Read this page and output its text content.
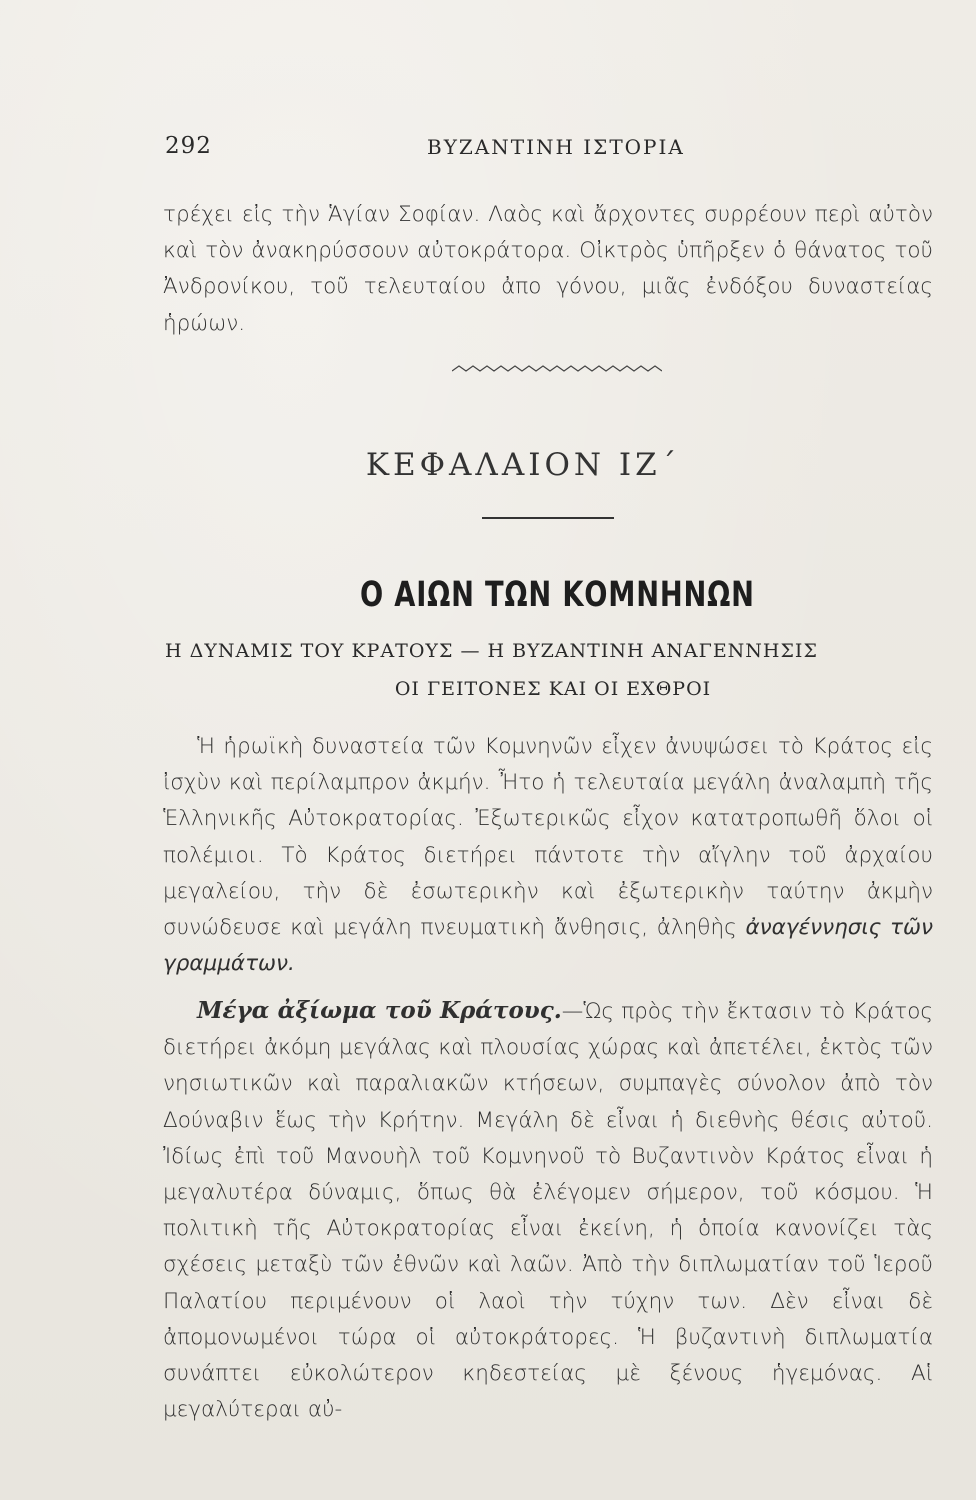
292	ΒΥΖΑΝΤΙΝΗ ΙΣΤΟΡΙΑ

τρέχει εἰς τὴν Ἁγίαν Σοφίαν. Λαὸς καὶ ἄρχοντες συρρέουν περὶ αὐτὸν καὶ τὸν ἀνακηρύσσουν αὐτοκράτορα. Οἰκτρὸς ὑπῆρξεν ὁ θάνατος τοῦ Ἀνδρονίκου, τοῦ τελευταίου ἀπο γόνου, μιᾶς ἐνδόξου δυναστείας ἡρώων.

ΚΕΦΑΛΑΙΟΝ ΙΖ΄
Ο ΑΙΩΝ ΤΩΝ ΚΟΜΝΗΝΩΝ
Η ΔΥΝΑΜΙΣ ΤΟΥ ΚΡΑΤΟΥΣ — Η ΒΥΖΑΝΤΙΝΗ ΑΝΑΓΕΝΝΗΣΙΣ
ΟΙ ΓΕΙΤΟΝΕΣ ΚΑΙ ΟΙ ΕΧΘΡΟΙ

Ἡ ἡρωϊκὴ δυναστεία τῶν Κομνηνῶν εἶχεν ἀνυψώσει τὸ Κράτος εἰς ἰσχὺν καὶ περίλαμπρον ἀκμήν. Ἦτο ἡ τελευταία μεγάλη ἀναλαμπὴ τῆς Ἑλληνικῆς Αὐτοκρατορίας. Ἐξωτερικῶς εἶχον κατατροπωθῆ ὅλοι οἱ πολέμιοι. Τὸ Κράτος διετήρει πάντοτε τὴν αἴγλην τοῦ ἀρχαίου μεγαλείου, τὴν δὲ ἐσωτερικὴν καὶ ἐξωτερικὴν ταύτην ἀκμὴν συνώδευσε καὶ μεγάλη πνευματικὴ ἄνθησις, ἀληθὴς ἀναγέννησις τῶν γραμμάτων.

Μέγα ἀξίωμα τοῦ Κράτους.—Ὡς πρὸς τὴν ἔκτασιν τὸ Κράτος διετήρει ἀκόμη μεγάλας καὶ πλουσίας χώρας καὶ ἀπετέλει, ἐκτὸς τῶν νησιωτικῶν καὶ παραλιακῶν κτήσεων, συμπαγὲς σύνολον ἀπὸ τὸν Δούναβιν ἕως τὴν Κρήτην. Μεγάλη δὲ εἶναι ἡ διεθνὴς θέσις αὐτοῦ. Ἰδίως ἐπὶ τοῦ Μανουὴλ τοῦ Κομνηνοῦ τὸ Βυζαντινὸν Κράτος εἶναι ἡ μεγαλυτέρα δύναμις, ὅπως θὰ ἐλέγομεν σήμερον, τοῦ κόσμου. Ἡ πολιτικὴ τῆς Αὐτοκρατορίας εἶναι ἐκείνη, ἡ ὁποία κανονίζει τὰς σχέσεις μεταξὺ τῶν ἐθνῶν καὶ λαῶν. Ἀπὸ τὴν διπλωματίαν τοῦ Ἱεροῦ Παλατίου περιμένουν οἱ λαοὶ τὴν τύχην των. Δὲν εἶναι δὲ ἀπομονωμένοι τώρα οἱ αὐτοκράτορες. Ἡ βυζαντινὴ διπλωματία συνάπτει εὐκολώτερον κηδεστείας μὲ ξένους ἡγεμόνας. Αἱ μεγαλύτεραι αὐ-
